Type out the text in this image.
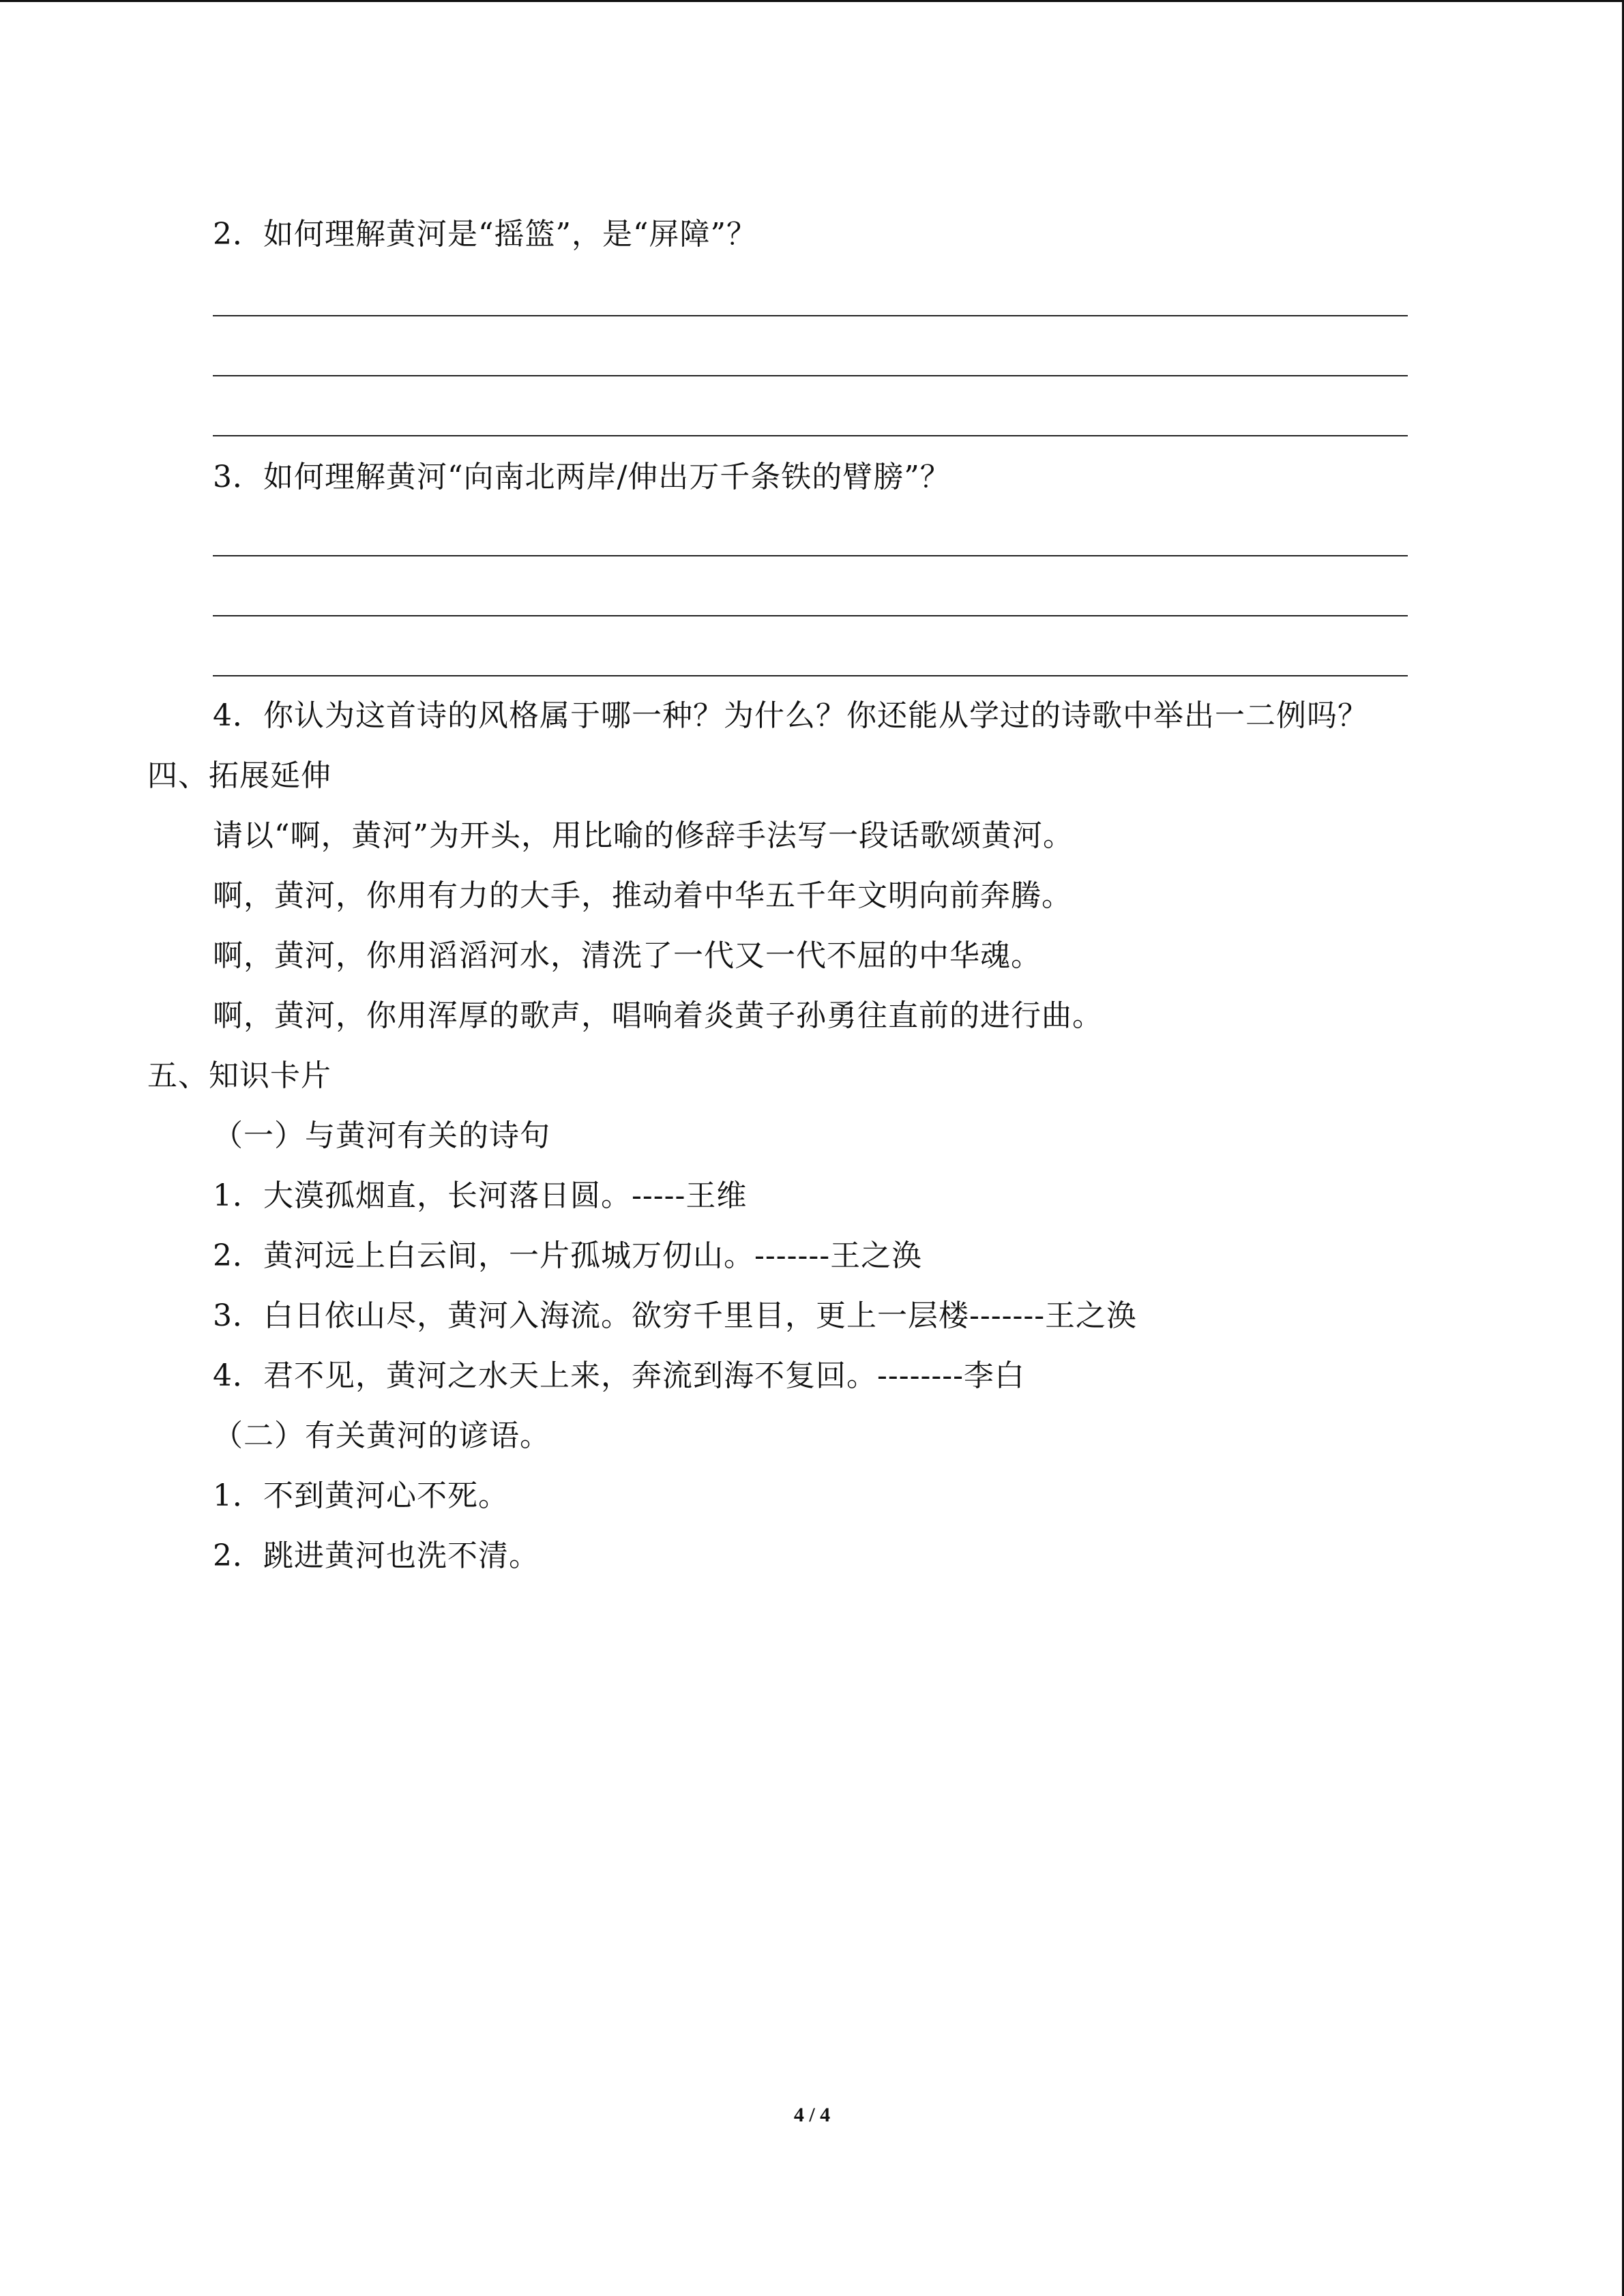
2．如何理解黄河是“摇篮”，是“屏障”？
3．如何理解黄河“向南北两岸/伸出万千条铁的臂膀”？
4．你认为这首诗的风格属于哪一种？为什么？你还能从学过的诗歌中举出一二例吗？
四、拓展延伸
请以“啊，黄河”为开头，用比喻的修辞手法写一段话歌颂黄河。
啊，黄河，你用有力的大手，推动着中华五千年文明向前奔腾。
啊，黄河，你用滔滔河水，清洗了一代又一代不屈的中华魂。
啊，黄河，你用浑厚的歌声，唱响着炎黄子孙勇往直前的进行曲。
五、知识卡片
（一）与黄河有关的诗句
1．大漠孤烟直，长河落日圆。-----王维
2．黄河远上白云间，一片孤城万仞山。-------王之涣
3．白日依山尽，黄河入海流。欲穷千里目，更上一层楼-------王之涣
4．君不见，黄河之水天上来，奔流到海不复回。--------李白
（二）有关黄河的谚语。
1．不到黄河心不死。
2．跳进黄河也洗不清。
4 / 4
